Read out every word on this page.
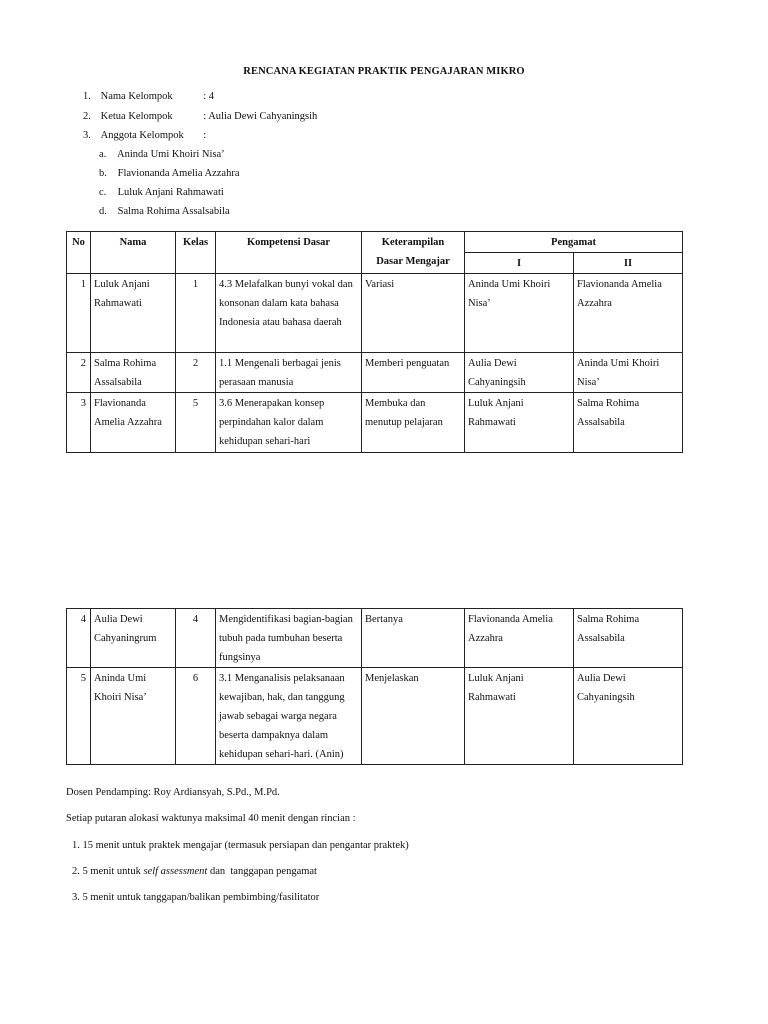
RENCANA KEGIATAN PRAKTIK PENGAJARAN MIKRO
1. Nama Kelompok	: 4
2. Ketua Kelompok	: Aulia Dewi Cahyaningsih
3. Anggota Kelompok :
a. Aninda Umi Khoiri Nisa’
b. Flavionanda Amelia Azzahra
c. Luluk Anjani Rahmawati
d. Salma Rohima Assalsabila
No	Nama	Kelas	Kompetensi Dasar	Keterampilan
Dasar Mengajar	Pengamat	
					I	II
1	Luluk Anjani Rahmawati	1	4.3 Melafalkan bunyi vokal dan konsonan dalam kata bahasa Indonesia atau bahasa daerah	Variasi	Aninda Umi Khoiri Nisa’	Flavionanda Amelia Azzahra
2	Salma Rohima Assalsabila	2	1.1 Mengenali berbagai jenis perasaan manusia	Memberi penguatan	Aulia Dewi Cahyaningsih	Aninda Umi Khoiri Nisa’
3	Flavionanda Amelia Azzahra	5	3.6 Menerapakan konsep perpindahan kalor dalam kehidupan sehari-hari	Membuka dan menutup pelajaran	Luluk Anjani Rahmawati	Salma Rohima Assalsabila
4	Aulia Dewi Cahyaningrum	4	Mengidentifikasi bagian-bagian tubuh pada tumbuhan beserta fungsinya	Bertanya	Flavionanda Amelia Azzahra	Salma Rohima Assalsabila
5	Aninda Umi Khoiri Nisa’	6	3.1 Menganalisis pelaksanaan kewajiban, hak, dan tanggung jawab sebagai warga negara beserta dampaknya dalam kehidupan sehari-hari. (Anin)	Menjelaskan	Luluk Anjani Rahmawati	Aulia Dewi Cahyaningsih
Dosen Pendamping: Roy Ardiansyah, S.Pd., M.Pd.
Setiap putaran alokasi waktunya maksimal 40 menit dengan rincian :
1. 15 menit untuk praktek mengajar (termasuk persiapan dan pengantar praktek)
2. 5 menit untuk self assessment dan  tanggapan pengamat
3. 5 menit untuk tanggapan/balikan pembimbing/fasilitator
